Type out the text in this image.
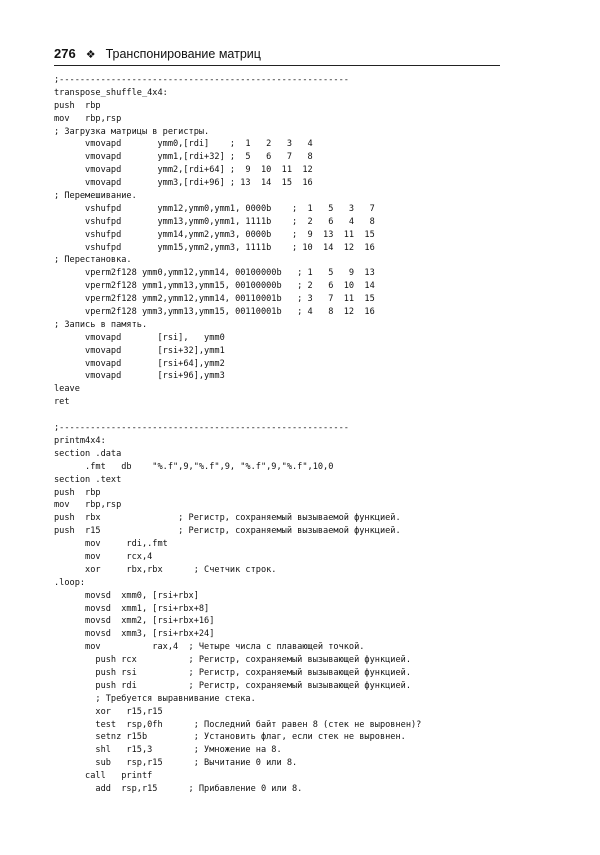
276 ❖ Транспонирование матриц
;--------------------------------------------------------
transpose_shuffle_4x4:
push  rbp
mov   rbp,rsp
; Загрузка матрицы в регистры.
vmovapd       ymm0,[rdi]    ;  1   2   3   4
vmovapd       ymm1,[rdi+32] ;  5   6   7   8
vmovapd       ymm2,[rdi+64] ;  9  10  11  12
vmovapd       ymm3,[rdi+96] ; 13  14  15  16
; Перемешивание.
vshufpd       ymm12,ymm0,ymm1, 0000b    ;  1   5   3   7
vshufpd       ymm13,ymm0,ymm1, 1111b    ;  2   6   4   8
vshufpd       ymm14,ymm2,ymm3, 0000b    ;  9  13  11  15
vshufpd       ymm15,ymm2,ymm3, 1111b    ; 10  14  12  16
; Перестановка.
vperm2f128 ymm0,ymm12,ymm14, 00100000b   ; 1   5   9  13
vperm2f128 ymm1,ymm13,ymm15, 00100000b   ; 2   6  10  14
vperm2f128 ymm2,ymm12,ymm14, 00110001b   ; 3   7  11  15
vperm2f128 ymm3,ymm13,ymm15, 00110001b   ; 4   8  12  16
; Запись в память.
vmovapd       [rsi],   ymm0
vmovapd       [rsi+32],ymm1
vmovapd       [rsi+64],ymm2
vmovapd       [rsi+96],ymm3
leave
ret
;--------------------------------------------------------
printm4x4:
section .data
.fmt   db    "%.f",9,"%.f",9, "%.f",9,"%.f",10,0
section .text
push  rbp
mov   rbp,rsp
push  rbx               ; Регистр, сохраняемый вызываемой функцией.
push  r15               ; Регистр, сохраняемый вызываемой функцией.
mov     rdi,.fmt
mov     rcx,4
xor     rbx,rbx      ; Счетчик строк.
.loop:
movsd  xmm0, [rsi+rbx]
movsd  xmm1, [rsi+rbx+8]
movsd  xmm2, [rsi+rbx+16]
movsd  xmm3, [rsi+rbx+24]
mov          rax,4  ; Четыре числа с плавающей точкой.
push rcx          ; Регистр, сохраняемый вызывающей функцией.
push rsi          ; Регистр, сохраняемый вызывающей функцией.
push rdi          ; Регистр, сохраняемый вызывающей функцией.
; Требуется выравнивание стека.
xor   r15,r15
test  rsp,0fh      ; Последний байт равен 8 (стек не выровнен)?
setnz r15b         ; Установить флаг, если стек не выровнен.
shl   r15,3        ; Умножение на 8.
sub   rsp,r15      ; Вычитание 0 или 8.
call   printf
add  rsp,r15      ; Прибавление 0 или 8.
